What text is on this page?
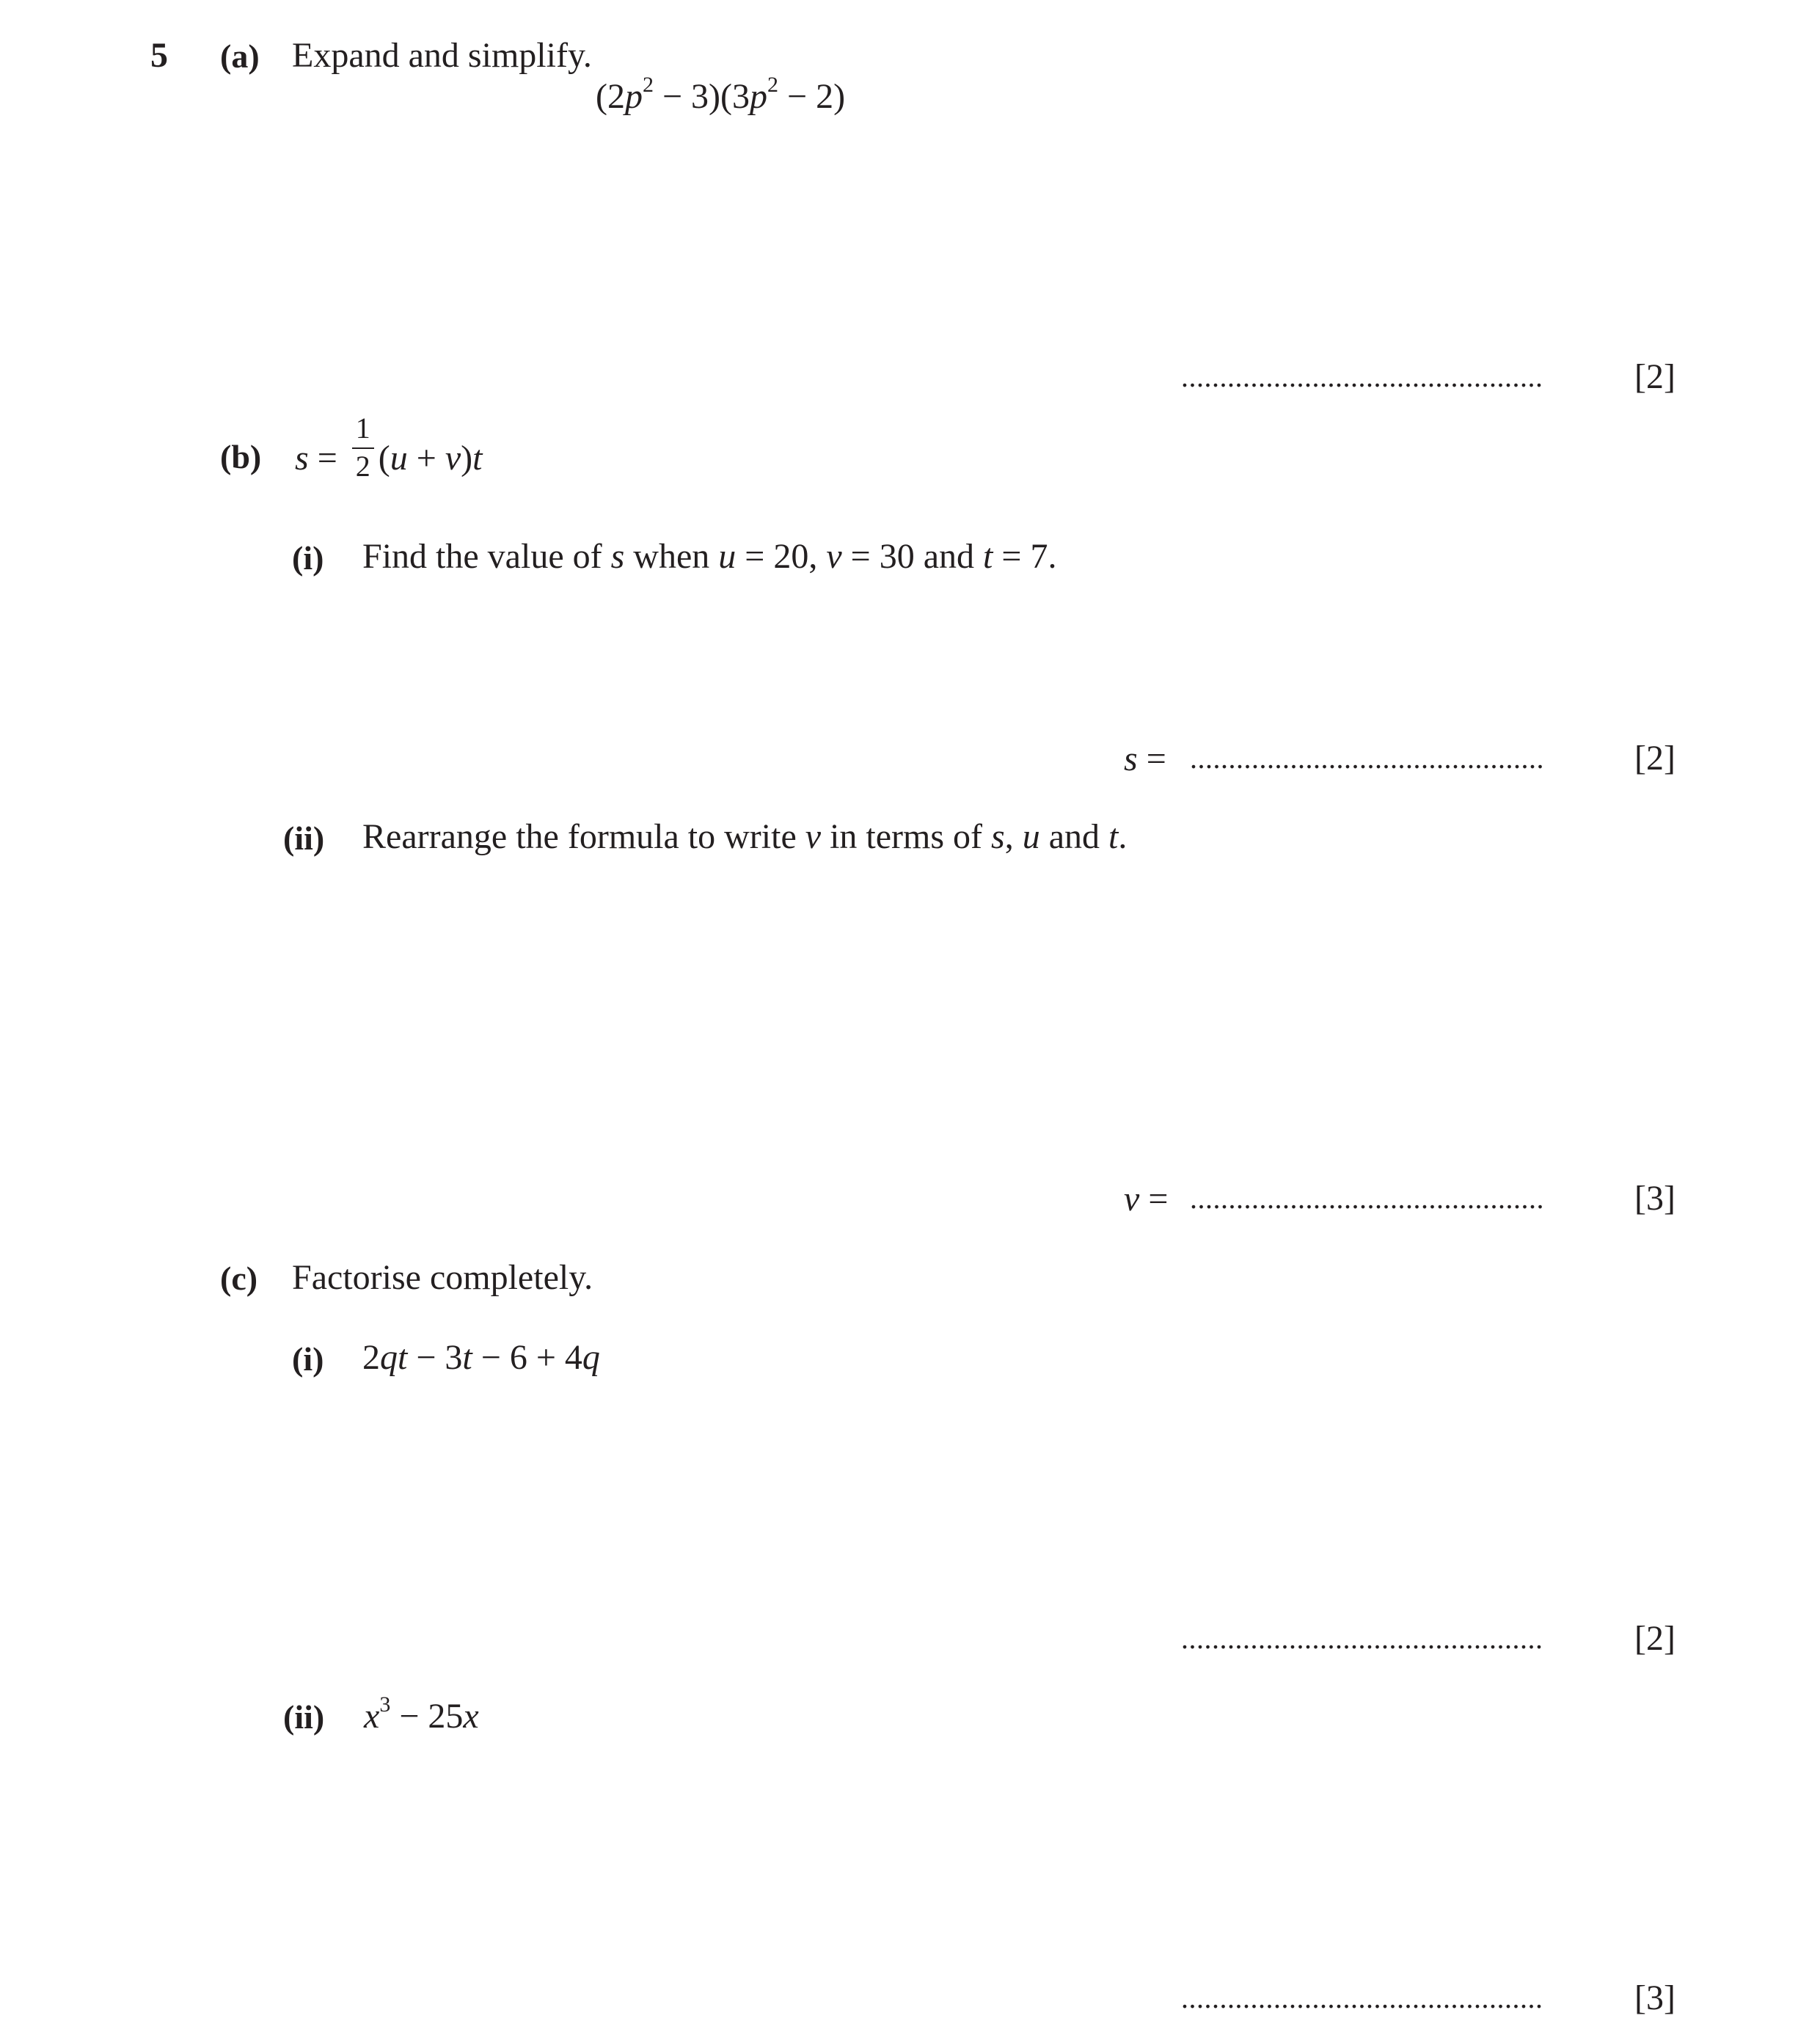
5 (a) Expand and simplify.
$(2p^2 - 3)(3p^2 - 2)$
...............................................	[2]
(b) $s = \frac{1}{2} (u + v)t$
(i) Find the value of s when u = 20, v = 30 and t = 7.
s = ..............................................	[2]
(ii) Rearrange the formula to write v in terms of s, u and t.
v = ..............................................	[3]
(c) Factorise completely.
(i) 2qt − 3t − 6 + 4q
...............................................	[2]
(ii) $x^3 - 25x$
...............................................	[3]
